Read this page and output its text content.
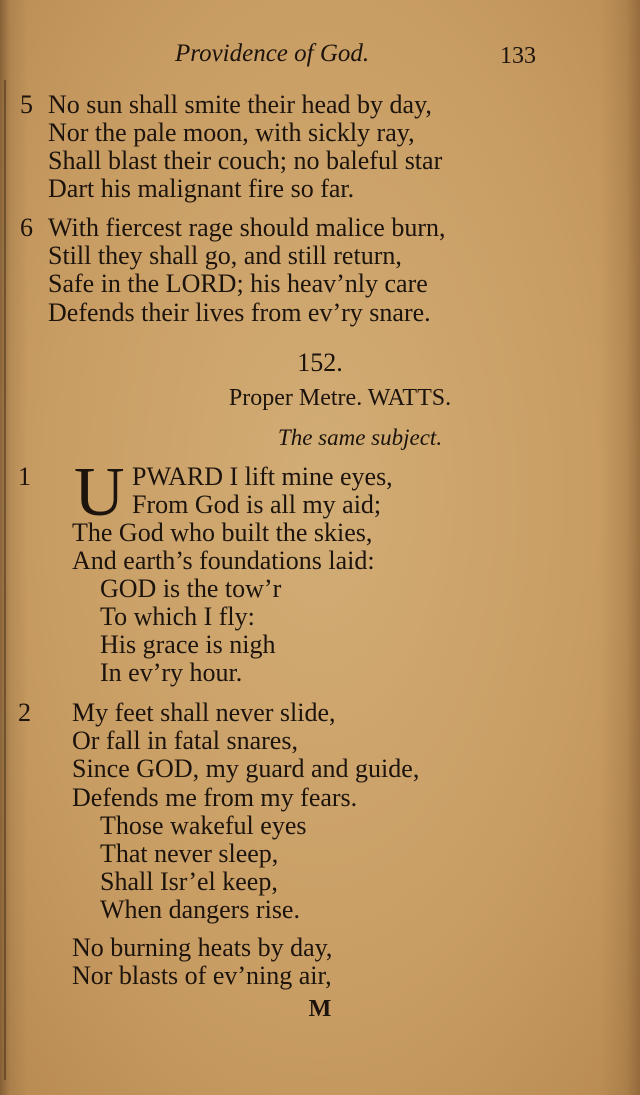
Providence of God.	133
5 No sun shall smite their head by day,
Nor the pale moon, with sickly ray,
Shall blast their couch; no baleful star
Dart his malignant fire so far.
6 With fiercest rage should malice burn,
Still they shall go, and still return,
Safe in the LORD; his heav’nly care
Defends their lives from ev’ry snare.
152.
Proper Metre. WATTS.
The same subject.
1 U PWARD I lift mine eyes,
From God is all my aid;
The God who built the skies,
And earth’s foundations laid:
GOD is the tow’r
To which I fly:
His grace is nigh
In ev’ry hour.
2 My feet shall never slide,
Or fall in fatal snares,
Since GOD, my guard and guide,
Defends me from my fears.
Those wakeful eyes
That never sleep,
Shall Isr’el keep,
When dangers rise.
No burning heats by day,
Nor blasts of ev’ning air,
M
